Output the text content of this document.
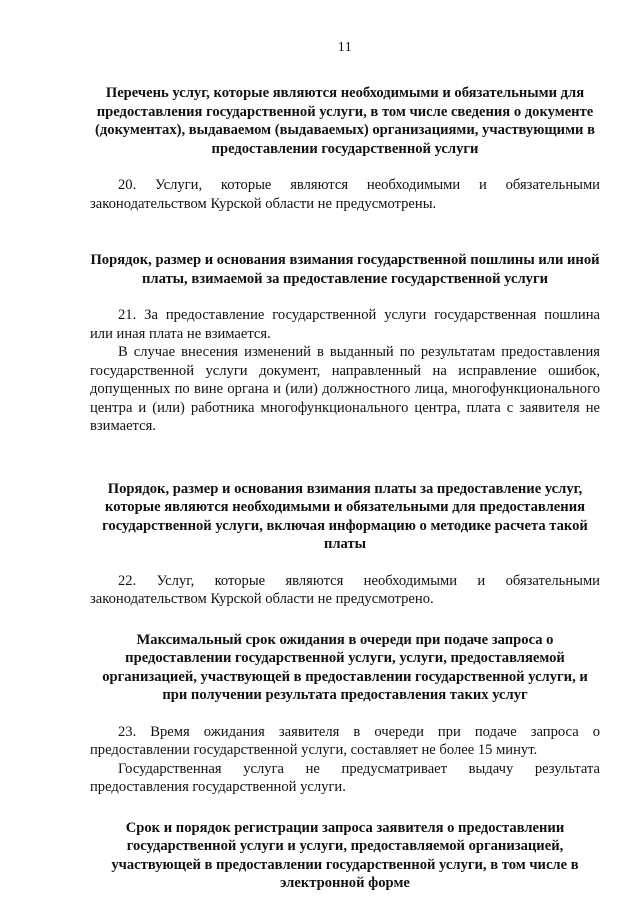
11
Перечень услуг, которые являются необходимыми и обязательными для предоставления государственной услуги, в том числе сведения о документе (документах), выдаваемом (выдаваемых) организациями, участвующими в предоставлении государственной услуги

20. Услуги, которые являются необходимыми и обязательными законодательством Курской области не предусмотрены.

Порядок, размер и основания взимания государственной пошлины или иной платы, взимаемой за предоставление государственной услуги

21. За предоставление государственной услуги государственная пошлина или иная плата не взимается.

В случае внесения изменений в выданный по результатам предоставления государственной услуги документ, направленный на исправление ошибок, допущенных по вине органа и (или) должностного лица, многофункционального центра и (или) работника многофункционального центра, плата с заявителя не взимается.

Порядок, размер и основания взимания платы за предоставление услуг, которые являются необходимыми и обязательными для предоставления государственной услуги, включая информацию о методике расчета такой платы

22. Услуг, которые являются необходимыми и обязательными законодательством Курской области не предусмотрено.

Максимальный срок ожидания в очереди при подаче запроса о предоставлении государственной услуги, услуги, предоставляемой организацией, участвующей в предоставлении государственной услуги, и при получении результата предоставления таких услуг

23. Время ожидания заявителя в очереди при подаче запроса о предоставлении государственной услуги, составляет не более 15 минут.

Государственная услуга не предусматривает выдачу результата предоставления государственной услуги.

Срок и порядок регистрации запроса заявителя о предоставлении государственной услуги и услуги, предоставляемой организацией, участвующей в предоставлении государственной услуги, в том числе в электронной форме
